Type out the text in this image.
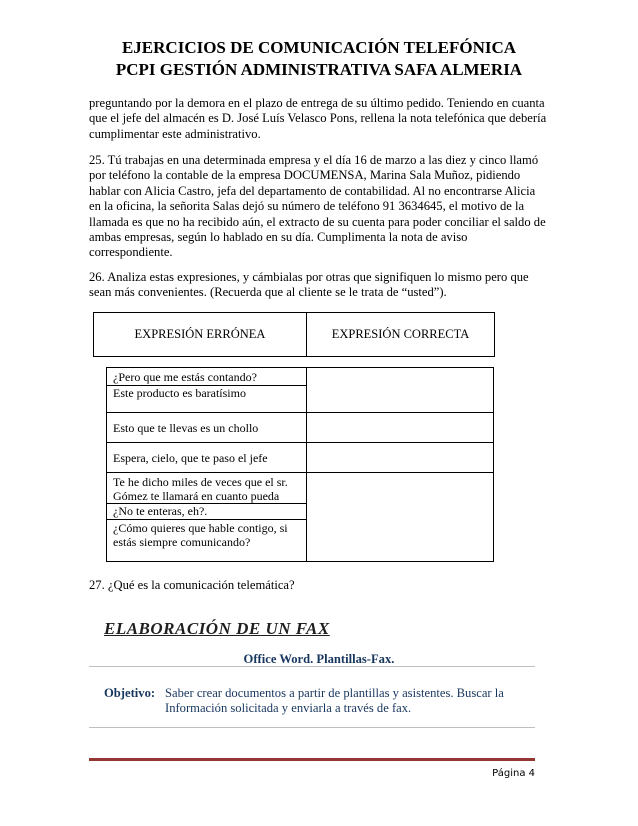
EJERCICIOS DE COMUNICACIÓN TELEFÓNICA
PCPI GESTIÓN ADMINISTRATIVA SAFA ALMERIA

preguntando por la demora en el plazo de entrega de su último pedido. Teniendo en cuanta que el jefe del almacén es D. José Luís Velasco Pons, rellena la nota telefónica que debería cumplimentar este administrativo.

25. Tú trabajas en una determinada empresa y el día 16 de marzo a las diez y cinco llamó por teléfono la contable de la empresa DOCUMENSA, Marina Sala Muñoz, pidiendo hablar con Alicia Castro, jefa del departamento de contabilidad. Al no encontrarse Alicia en la oficina, la señorita Salas dejó su número de teléfono 91 3634645, el motivo de la llamada es que no ha recibido aún, el extracto de su cuenta para poder conciliar el saldo de ambas empresas, según lo hablado en su día. Cumplimenta la nota de aviso correspondiente.

26. Analiza estas expresiones, y cámbialas por otras que signifiquen lo mismo pero que sean más convenientes. (Recuerda que al cliente se le trata de “usted”).

EXPRESIÓN ERRÓNEA	EXPRESIÓN CORRECTA

¿Pero que me estás contando?	

Este producto es baratísimo	

Esto que te llevas es un chollo	

Espera, cielo, que te paso el jefe	

Te he dicho miles de veces que el sr. Gómez te llamará en cuanto pueda	

¿No te enteras, eh?.	

¿Cómo quieres que hable contigo, si estás siempre comunicando?	

27. ¿Qué es la comunicación telemática?

ELABORACIÓN DE UN FAX
Office Word. Plantillas-Fax.
Objetivo: Saber crear documentos a partir de plantillas y asistentes. Buscar la Información solicitada y enviarla a través de fax.
Página 4
